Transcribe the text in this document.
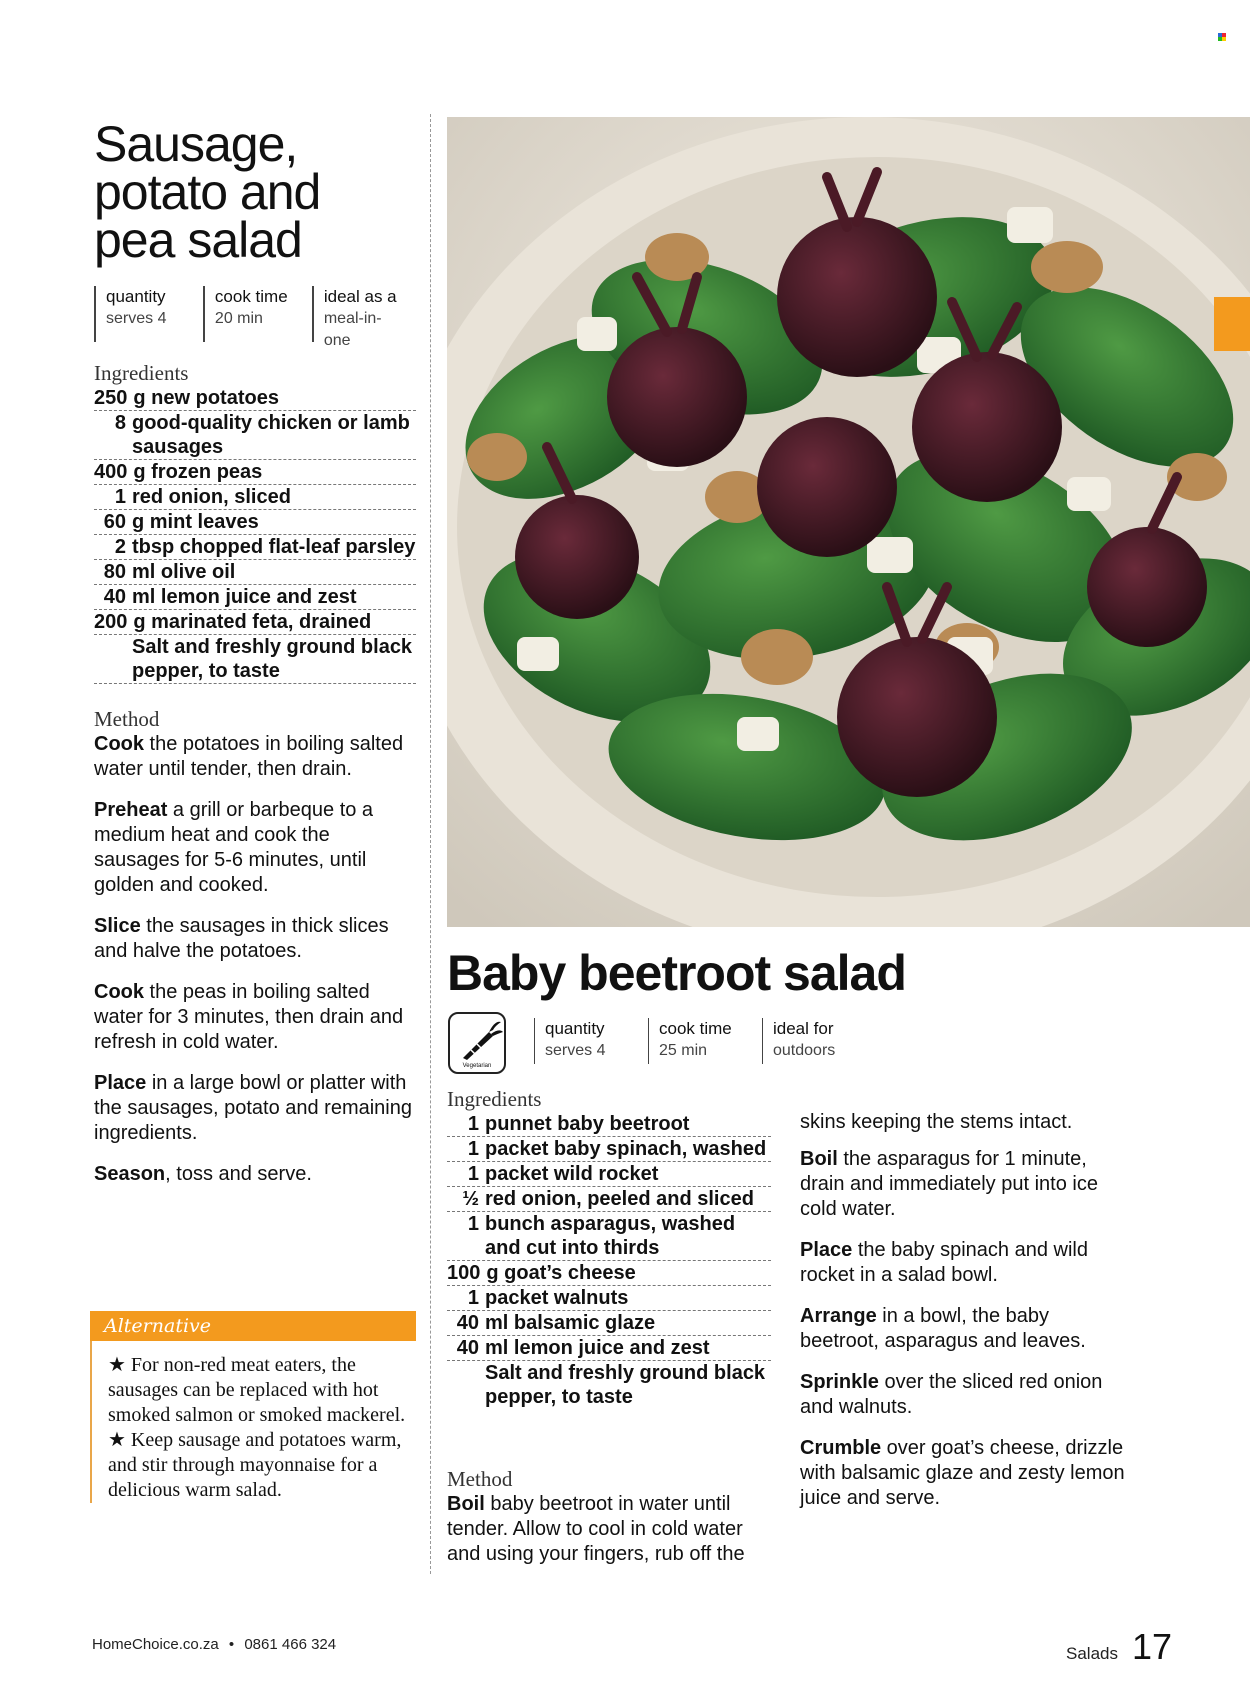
Sausage,
potato and
pea salad
quantity
serves 4
cook time
20 min
ideal as a
meal-in-one
Ingredients
250 g new potatoes
8 good-quality chicken or lamb sausages
400 g frozen peas
1 red onion, sliced
60 g mint leaves
2 tbsp chopped flat-leaf parsley
80 ml olive oil
40 ml lemon juice and zest
200 g marinated feta, drained
Salt and freshly ground black pepper, to taste
Method

Cook the potatoes in boiling salted water until tender, then drain.

Preheat a grill or barbeque to a medium heat and cook the sausages for 5-6 minutes, until golden and cooked.

Slice the sausages in thick slices and halve the potatoes.

Cook the peas in boiling salted water for 3 minutes, then drain and refresh in cold water.

Place in a large bowl or platter with the sausages, potato and remaining ingredients.

Season, toss and serve.

Alternative
★ For non-red meat eaters, the sausages can be replaced with hot smoked salmon or smoked mackerel.
★ Keep sausage and potatoes warm, and stir through mayonnaise for a delicious warm salad.
Baby beetroot salad
Vegetarian
quantity
serves 4
cook time
25 min
ideal for
outdoors
Ingredients
1 punnet baby beetroot
1 packet baby spinach, washed
1 packet wild rocket
½ red onion, peeled and sliced
1 bunch asparagus, washed and cut into thirds
100 g goat’s cheese
1 packet walnuts
40 ml balsamic glaze
40 ml lemon juice and zest
Salt and freshly ground black pepper, to taste
Method

Boil baby beetroot in water until tender. Allow to cool in cold water and using your fingers, rub off the

skins keeping the stems intact.

Boil the asparagus for 1 minute, drain and immediately put into ice cold water.

Place the baby spinach and wild rocket in a salad bowl.

Arrange in a bowl, the baby beetroot, asparagus and leaves.

Sprinkle over the sliced red onion and walnuts.

Crumble over goat’s cheese, drizzle with balsamic glaze and zesty lemon juice and serve.

HomeChoice.co.za • 0861 466 324	Salads 17
